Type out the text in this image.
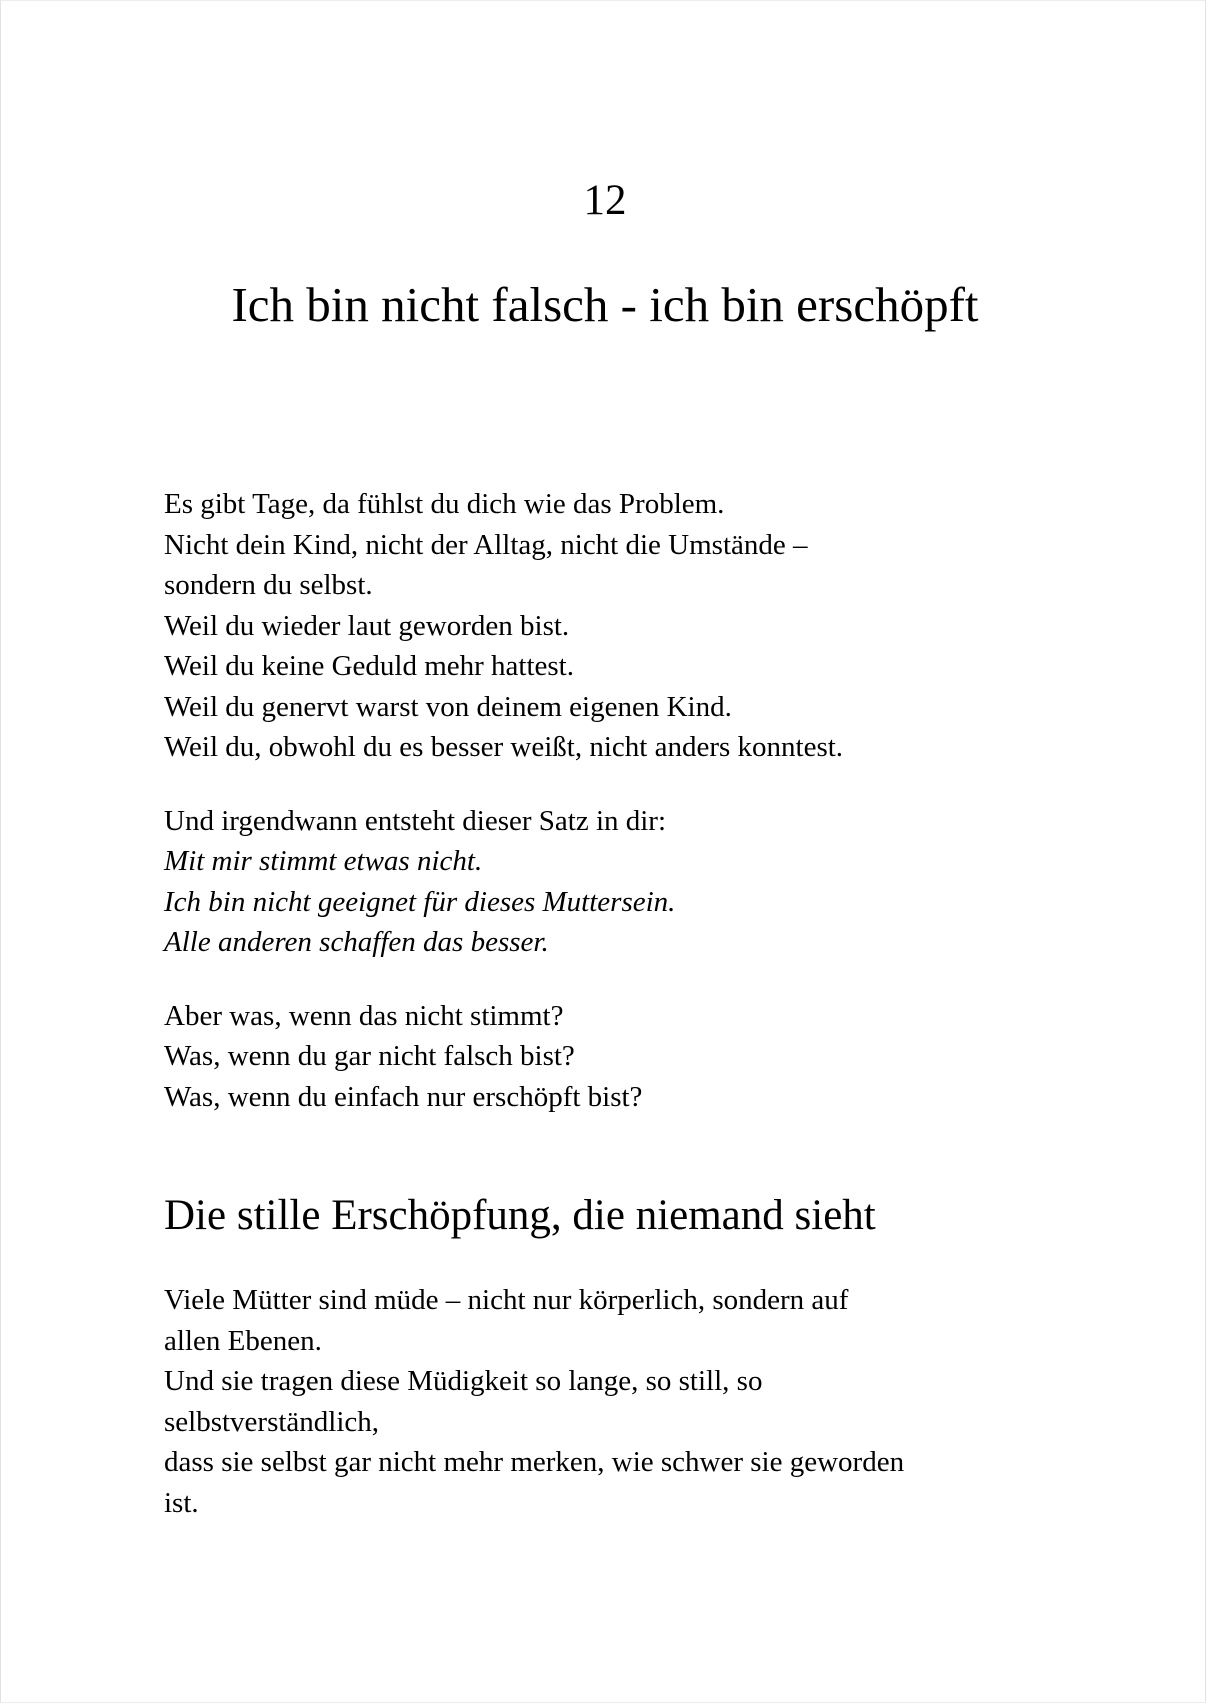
12
Ich bin nicht falsch - ich bin erschöpft
Es gibt Tage, da fühlst du dich wie das Problem.
Nicht dein Kind, nicht der Alltag, nicht die Umstände –
sondern du selbst.
Weil du wieder laut geworden bist.
Weil du keine Geduld mehr hattest.
Weil du genervt warst von deinem eigenen Kind.
Weil du, obwohl du es besser weißt, nicht anders konntest.
Und irgendwann entsteht dieser Satz in dir:
Mit mir stimmt etwas nicht.
Ich bin nicht geeignet für dieses Muttersein.
Alle anderen schaffen das besser.
Aber was, wenn das nicht stimmt?
Was, wenn du gar nicht falsch bist?
Was, wenn du einfach nur erschöpft bist?
Die stille Erschöpfung, die niemand sieht
Viele Mütter sind müde – nicht nur körperlich, sondern auf
allen Ebenen.
Und sie tragen diese Müdigkeit so lange, so still, so
selbstverständlich,
dass sie selbst gar nicht mehr merken, wie schwer sie geworden
ist.
